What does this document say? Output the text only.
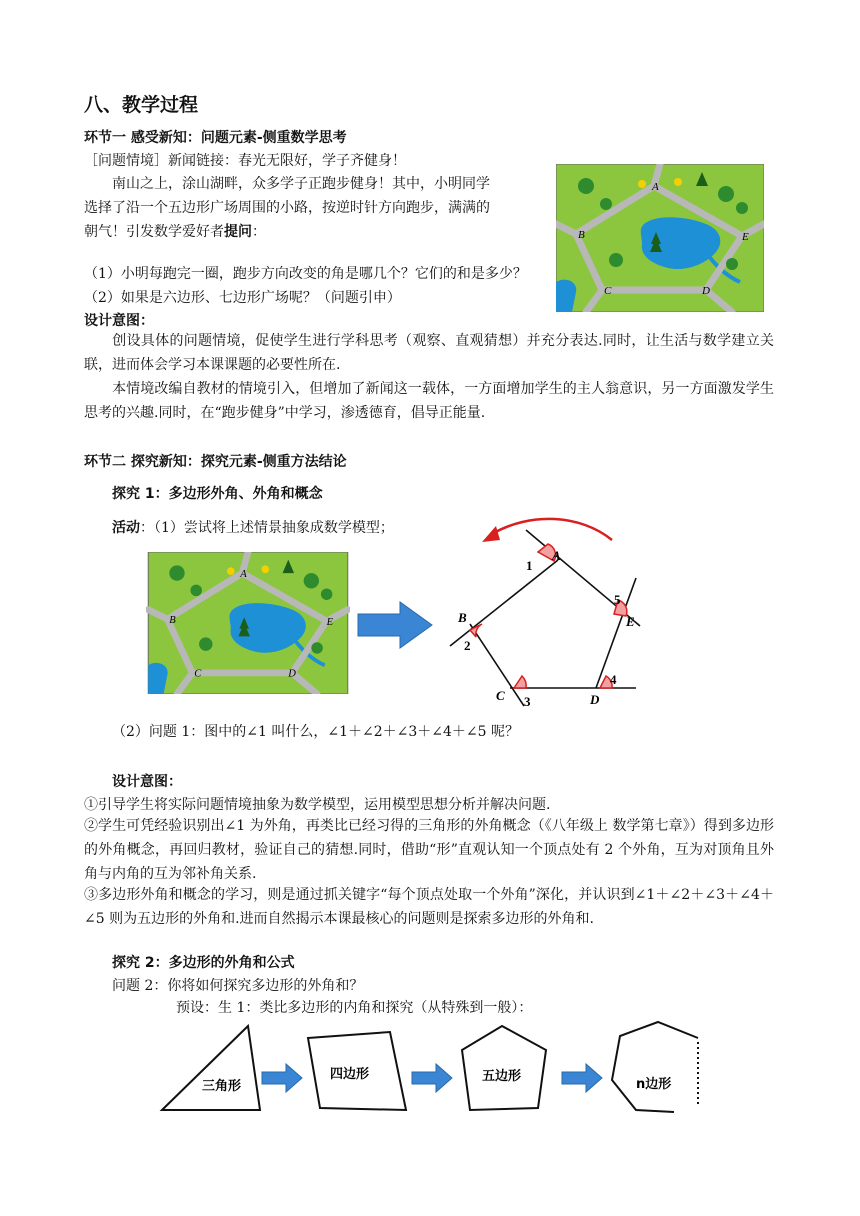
八、教学过程
环节一 感受新知：问题元素-侧重数学思考
［问题情境］新闻链接：春光无限好，学子齐健身！
南山之上，涂山湖畔，众多学子正跑步健身！其中，小明同学
选择了沿一个五边形广场周围的小路，按逆时针方向跑步，满满的
朝气！引发数学爱好者提问：
（1）小明每跑完一圈，跑步方向改变的角是哪几个？它们的和是多少？
（2）如果是六边形、七边形广场呢？（问题引申）
设计意图：
创设具体的问题情境，促使学生进行学科思考（观察、直观猜想）并充分表达.同时，让生活与数学建立关联，进而体会学习本课课题的必要性所在.
本情境改编自教材的情境引入，但增加了新闻这一载体，一方面增加学生的主人翁意识，另一方面激发学生思考的兴趣.同时，在“跑步健身”中学习，渗透德育，倡导正能量.
A
B
C	D
E
环节二 探究新知：探究元素-侧重方法结论
探究 1：多边形外角、外角和概念
活动：（1）尝试将上述情景抽象成数学模型；
A
B
C	D
E
A
B
C	D
E
1
2
3
4
5
（2）问题 1：图中的∠1 叫什么，∠1＋∠2＋∠3＋∠4＋∠5 呢？
设计意图：
①引导学生将实际问题情境抽象为数学模型，运用模型思想分析并解决问题.
②学生可凭经验识别出∠1 为外角，再类比已经习得的三角形的外角概念（《八年级上 数学第七章》）得到多边形的外角概念，再回归教材，验证自己的猜想.同时，借助“形”直观认知一个顶点处有 2 个外角，互为对顶角且外角与内角的互为邻补角关系.
③多边形外角和概念的学习，则是通过抓关键字“每个顶点处取一个外角”深化，并认识到∠1＋∠2＋∠3＋∠4＋∠5 则为五边形的外角和.进而自然揭示本课最核心的问题则是探索多边形的外角和.
探究 2：多边形的外角和公式
问题 2：你将如何探究多边形的外角和？
预设：生 1：类比多边形的内角和探究（从特殊到一般）：
三角形
四边形	五边形
n边形
